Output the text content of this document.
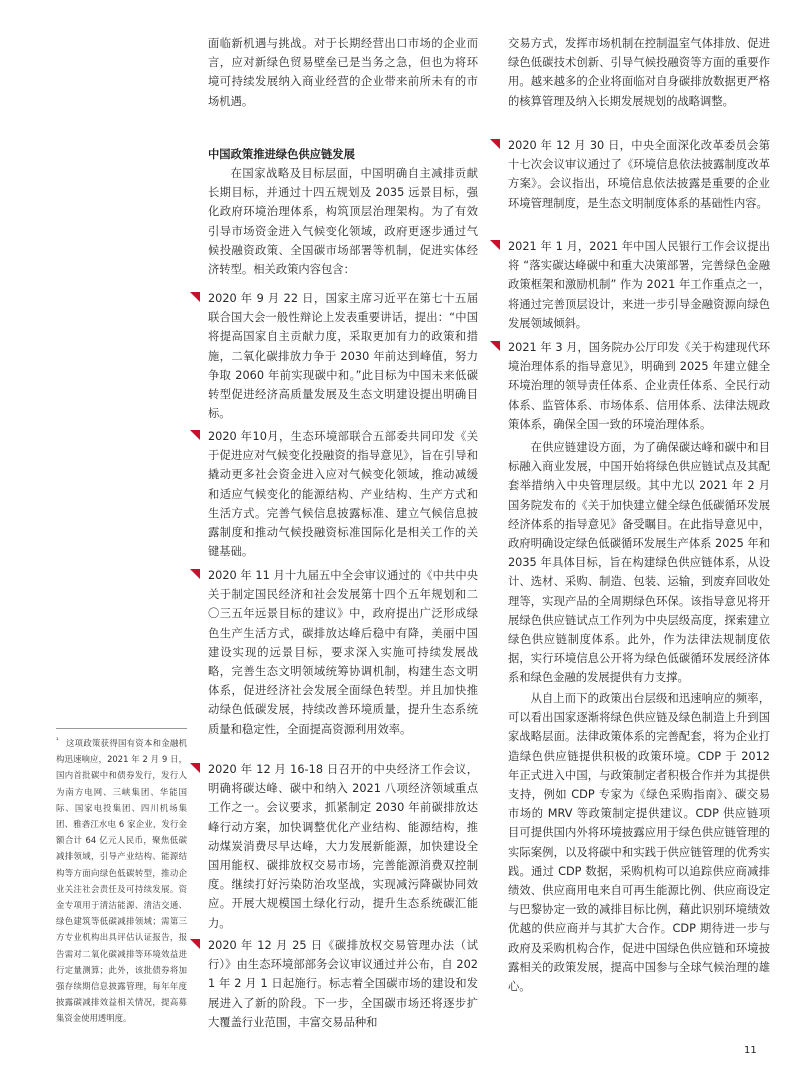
面临新机遇与挑战。对于长期经营出口市场的企业而言，应对新绿色贸易壁垒已是当务之急，但也为将环境可持续发展纳入商业经营的企业带来前所未有的市场机遇。

中国政策推进绿色供应链发展

在国家战略及目标层面，中国明确自主减排贡献长期目标，并通过十四五规划及 2035 远景目标，强化政府环境治理体系，构筑顶层治理架构。为了有效引导市场资金进入气候变化领域，政府更逐步通过气候投融资政策、全国碳市场部署等机制，促进实体经济转型。相关政策内容包含：

2020 年 9 月 22 日，国家主席习近平在第七十五届联合国大会一般性辩论上发表重要讲话，提出：“中国将提高国家自主贡献力度，采取更加有力的政策和措施，二氧化碳排放力争于 2030 年前达到峰值，努力争取 2060 年前实现碳中和。”此目标为中国未来低碳转型促进经济高质量发展及生态文明建设提出明确目标。

2020 年10月，生态环境部联合五部委共同印发《关于促进应对气候变化投融资的指导意见》，旨在引导和撬动更多社会资金进入应对气候变化领域，推动减缓和适应气候变化的能源结构、产业结构、生产方式和生活方式。完善气候信息披露标准、建立气候信息披露制度和推动气候投融资标准国际化是相关工作的关键基础。

2020 年 11 月十九届五中全会审议通过的《中共中央关于制定国民经济和社会发展第十四个五年规划和二〇三五年远景目标的建议》中，政府提出广泛形成绿色生产生活方式，碳排放达峰后稳中有降，美丽中国建设实现的远景目标，要求深入实施可持续发展战略，完善生态文明领域统筹协调机制，构建生态文明体系，促进经济社会发展全面绿色转型。并且加快推动绿色低碳发展，持续改善环境质量，提升生态系统质量和稳定性，全面提高资源利用效率。

2020 年 12 月 16-18 日召开的中央经济工作会议，明确将碳达峰、碳中和纳入 2021 八项经济领域重点工作之一。会议要求，抓紧制定 2030 年前碳排放达峰行动方案，加快调整优化产业结构、能源结构，推动煤炭消费尽早达峰，大力发展新能源，加快建设全国用能权、碳排放权交易市场，完善能源消费双控制度。继续打好污染防治攻坚战，实现减污降碳协同效应。开展大规模国土绿化行动，提升生态系统碳汇能力。

2020 年 12 月 25 日《碳排放权交易管理办法（试行）》由生态环境部部务会议审议通过并公布，自 2021 年 2 月 1 日起施行。标志着全国碳市场的建设和发展进入了新的阶段。下一步，全国碳市场还将逐步扩大覆盖行业范围，丰富交易品种和

交易方式，发挥市场机制在控制温室气体排放、促进绿色低碳技术创新、引导气候投融资等方面的重要作用。越来越多的企业将面临对自身碳排放数据更严格的核算管理及纳入长期发展规划的战略调整。

2020 年 12 月 30 日，中央全面深化改革委员会第十七次会议审议通过了《环境信息依法披露制度改革方案》。会议指出，环境信息依法披露是重要的企业环境管理制度，是生态文明制度体系的基础性内容。

2021 年 1 月，2021 年中国人民银行工作会议提出将 “落实碳达峰碳中和重大决策部署，完善绿色金融政策框架和激励机制” 作为 2021 年工作重点之一，将通过完善顶层设计，来进一步引导金融资源向绿色发展领域倾斜。

2021 年 3 月，国务院办公厅印发《关于构建现代环境治理体系的指导意见》，明确到 2025 年建立健全环境治理的领导责任体系、企业责任体系、全民行动体系、监管体系、市场体系、信用体系、法律法规政策体系，确保全国一致的环境治理体系。

在供应链建设方面，为了确保碳达峰和碳中和目标融入商业发展，中国开始将绿色供应链试点及其配套举措纳入中央管理层级。其中尤以 2021 年 2 月国务院发布的《关于加快建立健全绿色低碳循环发展经济体系的指导意见》备受瞩目。在此指导意见中，政府明确设定绿色低碳循环发展生产体系 2025 年和 2035 年具体目标，旨在构建绿色供应链体系，从设计、选材、采购、制造、包装、运输，到废弃回收处理等，实现产品的全周期绿色环保。该指导意见将开展绿色供应链试点工作列为中央层级高度，探索建立绿色供应链制度体系。此外，作为法律法规制度依据，实行环境信息公开将为绿色低碳循环发展经济体系和绿色金融的发展提供有力支撑。

从自上而下的政策出台层级和迅速响应的频率，可以看出国家逐渐将绿色供应链及绿色制造上升到国家战略层面。法律政策体系的完善配套，将为企业打造绿色供应链提供积极的政策环境。CDP 于 2012 年正式进入中国，与政策制定者积极合作并为其提供支持，例如 CDP 专家为《绿色采购指南》、碳交易市场的 MRV 等政策制定提供建议。CDP 供应链项目可提供国内外将环境披露应用于绿色供应链管理的实际案例，以及将碳中和实践于供应链管理的优秀实践。通过 CDP 数据，采购机构可以追踪供应商减排绩效、供应商用电来自可再生能源比例、供应商设定与巴黎协定一致的减排目标比例，藉此识别环境绩效优越的供应商并与其扩大合作。CDP 期待进一步与政府及采购机构合作，促进中国绿色供应链和环境披露相关的政策发展，提高中国参与全球气候治理的雄心。

¹ 这项政策获得国有资本和金融机构迅速响应，2021 年 2 月 9 日，国内首批碳中和债券发行，发行人为南方电网、三峡集团、华能国际、国家电投集团、四川机场集团、雅砻江水电 6 家企业，发行金额合计 64 亿元人民币，聚焦低碳减排领域，引导产业结构、能源结构等方面向绿色低碳转型，推动企业关注社会责任及可持续发展。资金专项用于清洁能源、清洁交通、绿色建筑等低碳减排领域；需第三方专业机构出具评估认证报告，报告需对二氧化碳减排等环境效益进行定量测算；此外，该批债券将加强存续期信息披露管理，每年年度披露碳减排效益相关情况，提高募集资金使用透明度。

11
